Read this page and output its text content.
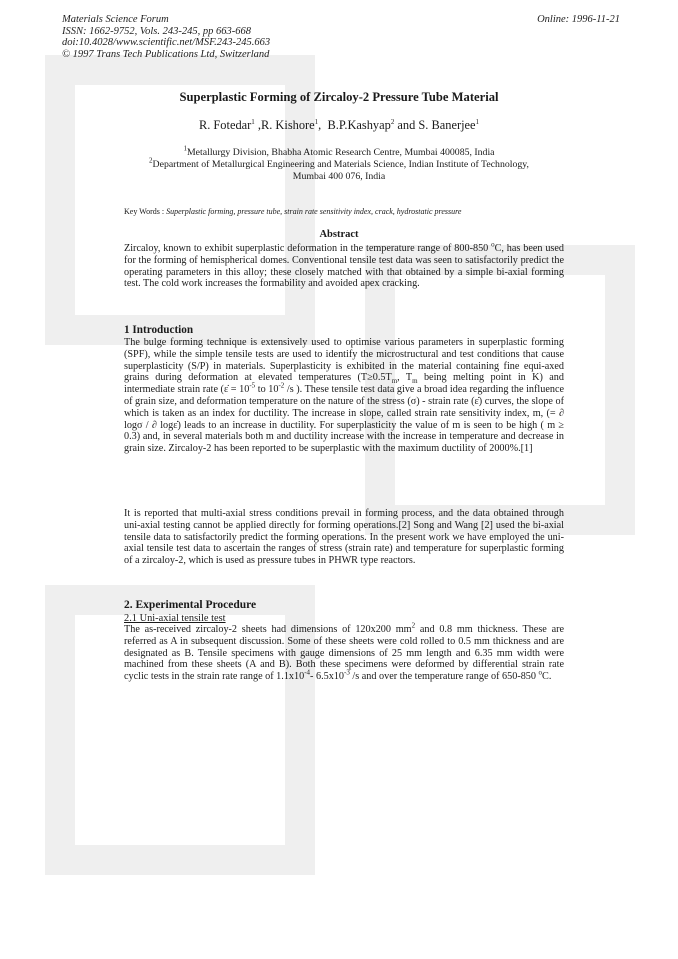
Materials Science Forum
ISSN: 1662-9752, Vols. 243-245, pp 663-668
doi:10.4028/www.scientific.net/MSF.243-245.663
© 1997 Trans Tech Publications Ltd, Switzerland
Online: 1996-11-21
Superplastic Forming of Zircaloy-2 Pressure Tube Material
R. Fotedar$^1$ ,R. Kishore$^1$,  B.P.Kashyap$^2$ and S. Banerjee$^1$
$^1$Metallurgy Division, Bhabha Atomic Research Centre, Mumbai 400085, India
$^2$Department of Metallurgical Engineering and Materials Science, Indian Institute of Technology,
Mumbai 400 076, India
Key Words : Superplastic forming, pressure tube, strain rate sensitivity index, crack, hydrostatic pressure
Abstract
Zircaloy, known to exhibit superplastic deformation in the temperature range of 800-850 $^o$C, has been used for the forming of hemispherical domes. Conventional tensile test data was seen to satisfactorily predict the operating parameters in this alloy; these closely matched with that obtained by a simple bi-axial forming test. The cold work increases the formability and avoided apex cracking.
1 Introduction
The bulge forming technique is extensively used to optimise various parameters in superplastic forming (SPF), while the simple tensile tests are used to identify the microstructural and test conditions that cause superplasticity (S/P) in materials. Superplasticity is exhibited in the material containing fine equi-axed grains during deformation at elevated temperatures ($T\ge 0.5T_m$, $T_m$ being melting point in K) and intermediate strain rate (ε̇ = $10^{-5}$ to $10^{-2}$ /s ). These tensile test data give a broad idea regarding the influence of grain size, and deformation temperature on the nature of the stress (σ) - strain rate (ε̇) curves, the slope of which is taken as an index for ductility. The increase in slope, called strain rate sensitivity index, m, (= ∂ logσ / ∂ logε̇) leads to an increase in ductility. For superplasticity the value of m is seen to be high ( m ≥ 0.3) and, in several materials both m and ductility increase with the increase in temperature and decrease in grain size. Zircaloy-2 has been reported to be superplastic with the maximum ductility of 2000%.[1]
It is reported that multi-axial stress conditions prevail in forming process, and the data obtained through uni-axial testing cannot be applied directly for forming operations.[2] Song and Wang [2] used the bi-axial tensile data to satisfactorily predict the forming operations. In the present work we have employed the uni-axial tensile test data to ascertain the ranges of stress (strain rate) and temperature for superplastic forming of a zircaloy-2, which is used as pressure tubes in PHWR type reactors.
2. Experimental Procedure
2.1 Uni-axial tensile test
The as-received zircaloy-2 sheets had dimensions of 120x200 $mm^2$ and 0.8 mm thickness. These are referred as A in subsequent discussion. Some of these sheets were cold rolled to 0.5 mm thickness and are designated as B. Tensile specimens with gauge dimensions of 25 mm length and 6.35 mm width were machined from these sheets (A and B). Both these specimens were deformed by differential strain rate cyclic tests in the strain rate range of $1.1x10^{-4}-$ $6.5x10^{-3}$ /s and over the temperature range of 650-850 $^o$C.
